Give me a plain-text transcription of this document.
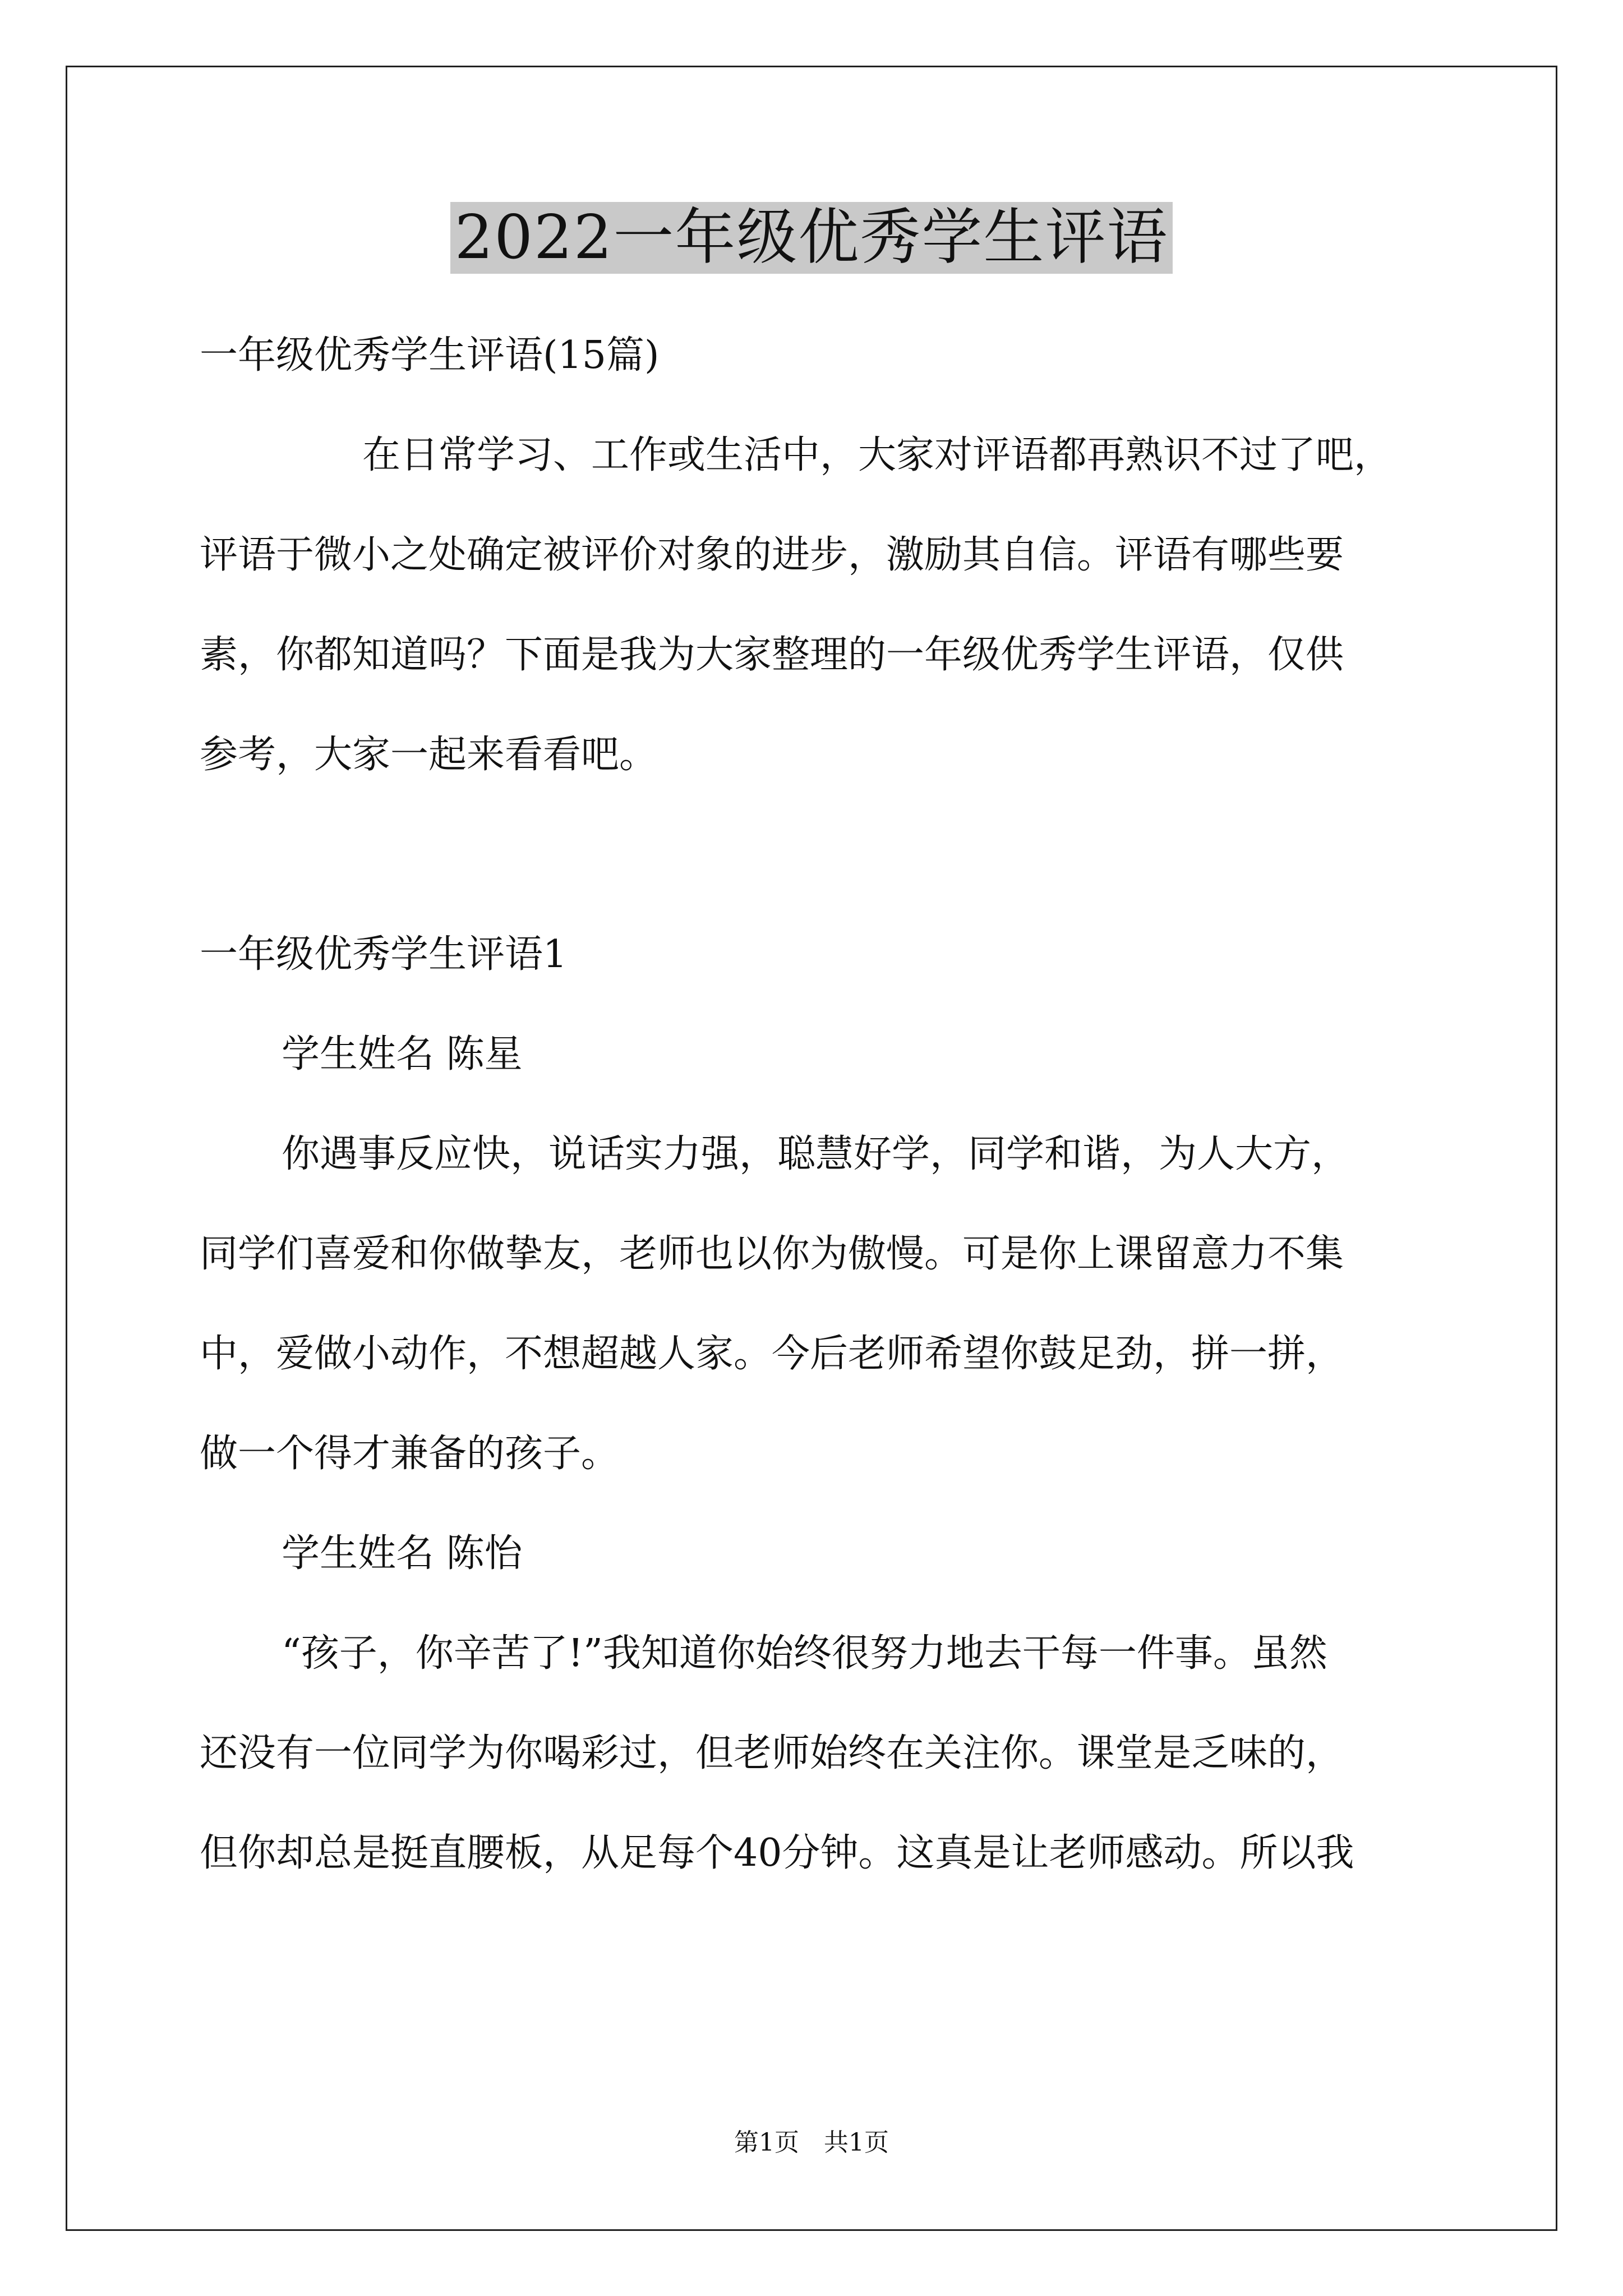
2022一年级优秀学生评语
一年级优秀学生评语(15篇)
在日常学习、工作或生活中，大家对评语都再熟识不过了吧，
评语于微小之处确定被评价对象的进步，激励其自信。评语有哪些要
素，你都知道吗？下面是我为大家整理的一年级优秀学生评语，仅供
参考，大家一起来看看吧。
一年级优秀学生评语1
学生姓名 陈星
你遇事反应快，说话实力强，聪慧好学，同学和谐，为人大方，
同学们喜爱和你做挚友，老师也以你为傲慢。可是你上课留意力不集
中，爱做小动作，不想超越人家。今后老师希望你鼓足劲，拼一拼，
做一个得才兼备的孩子。
学生姓名 陈怡
“孩子，你辛苦了!”我知道你始终很努力地去干每一件事。虽然
还没有一位同学为你喝彩过，但老师始终在关注你。课堂是乏味的，
但你却总是挺直腰板，从足每个40分钟。这真是让老师感动。所以我
第1页　共1页
